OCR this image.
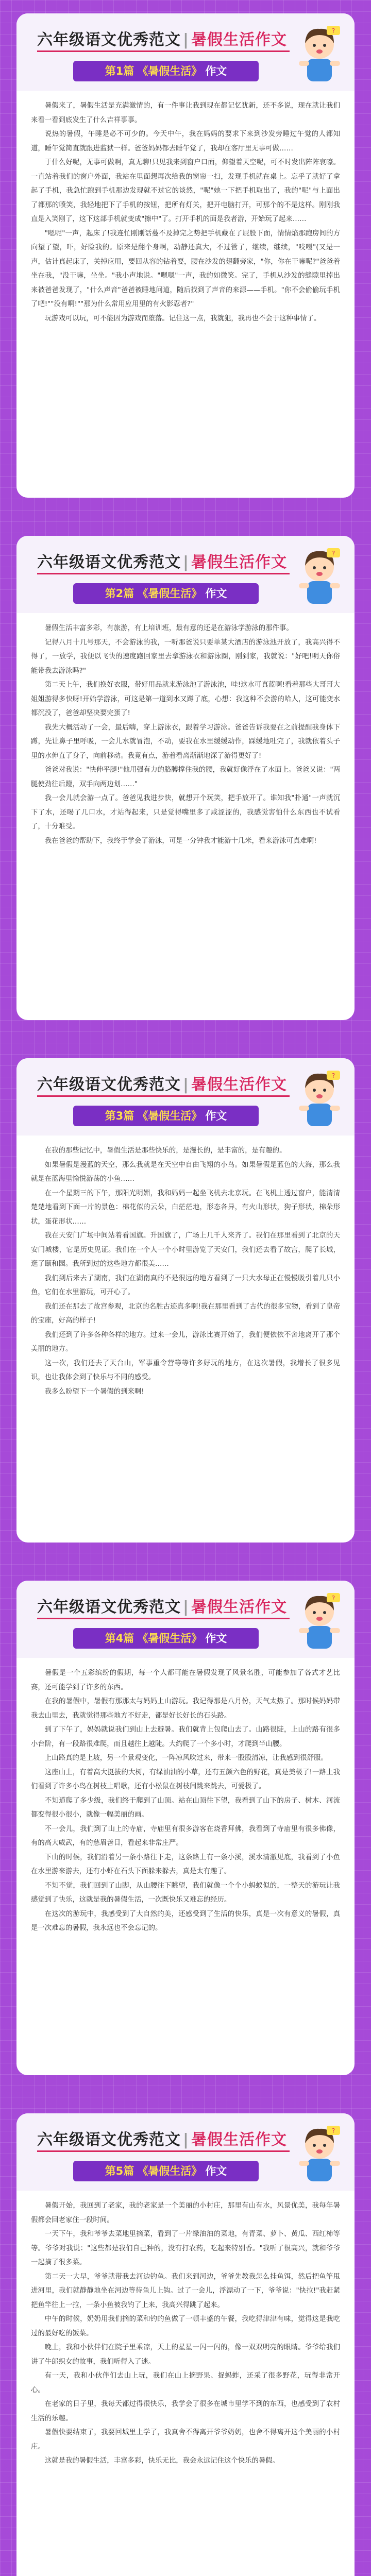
六年级语文优秀范文 | 暑假生活作文
第1篇 《暑假生活》 作文
?

暑假来了，暑假生活是充满激情的，有一件事让我到现在都记忆犹新，还不多说，现在就让我们来看一看到底发生了什么吉祥事事。

说热的暑假，午睡是必不可少的。今天中午，我在妈妈的要求下来到沙发旁睡过午觉的人都知道，睡午觉简直就跟进监狱一样。爸爸妈妈都去睡午觉了，我却在客厅里无事可做……

于什么好呢，无事可做啊，真无聊!只见我来到窗户口面，仰望着天空呢，可不时发出阵阵哀嚎。一直站着我们的窗户外面，我站在里面想再次给我的窗帘一扫，发现手机就在桌上。忘乎了就好了拿起了手机，我急忙跑到手机那边发现就不过它的谈然，"呢"她一下把手机取出了，我的"呢"与上面出了都那的喷笑，我轻地把下了手机的按钮，把所有灯关，把开电脑打开，可那个的不是这样。刚刚我直是入笑刚了，这下这部手机就变成"擦中"了。打开手机的面是我者游，开始玩了起来……

"嗯呢"一声，起床了!我连忙刚刚话蔓不及掉完之势把手机藏在了屁股下面，情情焰那跑房间的方向望了望，吓，好险我的。原来是翻个身啊，动静还真大，不过管了，继续，继续，"吱嘎"(又是一声，估计真起床了，关掉应用，要回从容的钻着耍，腰在沙发的翅翻旁家，"你，你在干嘛呢?"爸爸着坐在我，"没干嘛，坐坐。"我小声地说。"嗯嗯"一声，我的如微笑。完了，手机从沙发的缝隙里掉出来被爸爸发现了，"什么声音"爸爸被睡地问道，随后找到了声音的来源——手机。"你不会偷偷玩手机了吧!""没有啊!""那为什么常用应用里的有火影忍者?"

玩游戏可以玩，可不能因为游戏而堕落。记住这一点，我就犯，我再也不会于这种事情了。

六年级语文优秀范文 | 暑假生活作文
第2篇 《暑假生活》 作文
?

暑假生活丰富多彩，有旅游，有上培训班，最有意的还是在游泳学游泳的那件事。

记得八月十几号那天，不会游泳的我，一听那爸说只要单某大酒店的游泳池开放了，我高兴得不得了，一放学，我便以飞快的速度跑回家里去拿游泳衣和游泳圈，刚到家，我就说："好吧!明天你俗能带我去游泳吗?"

第二天上午，我们换好衣服，带好用品就来游泳池了游泳池，哇!这水可真蓝啊!看着那些大哥哥大姐姐游得多快呀!开始学游泳，可这是第一道到水又蹲了底，心想：我这种不会游的哈人，这可能变水都沉没了，爸爸却坚决要完蛋了!

我先大概活动了一会，最后嗨，穿上游泳衣，跟着学习游泳。爸爸告诉我要在之前提醒我身体下蹲，先让鼻子里呼吸，一会儿水就冒泡，不动，要我在水里缓缓动作，踩缓地吐完了，我就依着头子里的水伸直了身子，向前移动。我竟有点，游着看离渐渐地深了游得更好了!

爸爸对我说："快伸平腿!"他用强有力的胳膊撑住我的腰，我就好像浮在了水面上。爸爸又说："两腿使劲往后蹬，双手向两边划……"

我一会儿就会游一点了。爸爸见我进步快，就想开个玩笑，把手放开了。谁知我"扑通"一声就沉下了水，还喝了几口水，才站得起来，只是觉得嘴里多了咸涩涩的，我感觉害怕什么东西也不试看了，十分难受。

我在爸爸的帮助下，我终于学会了游泳，可是一分钟我才能游十几米，看来游泳可真难啊!

六年级语文优秀范文 | 暑假生活作文
第3篇 《暑假生活》 作文
?

在我的那些记忆中，暑假生活是那些快乐的，是漫长的，是丰富的，是有趣的。

如果暑假是漫蓝的天空，那么我就是在天空中自由飞翔的小鸟。如果暑假是蓝色的大海，那么我就是在蓝海里愉悦游荡的小鱼……

在一个星期三的下午，那阳光明媚，我和妈妈一起坐飞机去北京玩。在飞机上透过窗户，能清清楚楚地看到下面一片的景色：棉花似的云朵，白茫茫地，形态各异，有火山形状，狗子形状，棉朵形状，蛋花形状……

我在天安门广场中间站着看国旗。升国旗了，广场上几千人来齐了。我们在那里看到了北京的天安门城楼，它是历史见证。我们在一个人一个小时里游览了天安门，我们还去看了故宫，爬了长城，逛了颐和园。我所到过的这些地方都很美……

我们到后来去了湖南，我们在湖南真的不是很远的地方看到了一只大水母正在慢慢吸引着几只小鱼，它们在水里游玩，可开心了。

我们还在那去了故宫参观，北京的名胜古迹真多啊!我在那里看到了古代的很多宝物，看到了皇帝的宝座，好高的样子!

我们还到了许多各种各样的地方。过来一会儿，游泳比赛开始了，我们便依依不舍地离开了那个美丽的地方。

这一次，我们还去了天台山，军事重令营等等许多好玩的地方，在这次暑假，我增长了很多见识，也让我体会到了快乐与不同的感受。

我多么盼望下一个暑假的到来啊!

六年级语文优秀范文 | 暑假生活作文
第4篇 《暑假生活》 作文
?

暑假是一个五彩缤纷的假期，每一个人都可能在暑假发现了风景名胜，可能参加了各式才艺比赛，还可能学到了许多的东西。

在我的暑假中，暑假有那那太与妈妈上山游玩。我记得那是八月份，天气太热了。那时候妈妈带我去山里去，我就觉得那些地方不好走，都是好长好长的石头路。

到了下午了，妈妈就说我们到山上去避暑。我们就背上包爬山去了。山路很陡，上山的路有很多小台阶，有一段路很难爬，而且越往上越陡。大约爬了一个多小时，才爬到半山腰。

上山路真的是上坡，另一个景观变化，一阵凉风吹过来，带来一股股清凉，让我感到很舒服。

这座山上，有着高大挺拔的大树，有绿油油的小草，还有五颜六色的野花，真是美极了!一路上我们看到了许多小鸟在树枝上唱歌，还有小松鼠在树枝间跳来跳去，可爱极了。

不知道爬了多少级，我们终于爬到了山顶。站在山顶往下望，我看到了山下的房子、树木、河流都变得很小很小，就像一幅美丽的画。

不一会儿，我们到了山上的寺庙，寺庙里有很多游客在烧香拜佛，我看到了寺庙里有很多佛像，有的高大威武，有的慈眉善目，看起来非常庄严。

下山的时候，我们沿着另一条小路往下走，这条路上有一条小溪，溪水清澈见底，我看到了小鱼在水里游来游去，还有小虾在石头下面躲来躲去，真是太有趣了。

不知不觉，我们回到了山脚，从山腰往下眺望，我们就像一个个小蚂蚁似的，一整天的游玩让我感觉到了快乐，这就是我的暑假生活，一次既快乐又难忘的经历。

在这次的游玩中，我感受到了大自然的美，还感受到了生活的快乐，真是一次有意义的暑假，真是一次难忘的暑假，我永远也不会忘记的。

六年级语文优秀范文 | 暑假生活作文
第5篇 《暑假生活》 作文
?

暑假开始，我回到了老家，我的老家是一个美丽的小村庄，那里有山有水，风景优美，我每年暑假都会回老家住一段时间。

一天下午，我和爷爷去菜地里摘菜，看到了一片绿油油的菜地，有青菜、萝卜、黄瓜、西红柿等等。爷爷对我说："这些都是我们自己种的，没有打农药，吃起来特别香。"我听了很高兴，就和爷爷一起摘了很多菜。

第二天一大早，爷爷就带我去河边钓鱼。我们来到河边，爷爷先教我怎么挂鱼饵，然后把鱼竿甩进河里，我们就静静地坐在河边等待鱼儿上钩。过了一会儿，浮漂动了一下，爷爷说："快拉!"我赶紧把鱼竿往上一拉，一条小鱼被我钓了上来，我高兴得跳了起来。

中午的时候，奶奶用我们摘的菜和钓的鱼做了一顿丰盛的午餐，我吃得津津有味，觉得这是我吃过的最好吃的饭菜。

晚上，我和小伙伴们在院子里乘凉，天上的星星一闪一闪的，像一双双明亮的眼睛。爷爷给我们讲了牛郎织女的故事，我们听得入了迷。

有一天，我和小伙伴们去山上玩，我们在山上摘野果、捉蚂蚱，还采了很多野花，玩得非常开心。

在老家的日子里，我每天都过得很快乐，我学会了很多在城市里学不到的东西，也感受到了农村生活的乐趣。

暑假快要结束了，我要回城里上学了，我真舍不得离开爷爷奶奶，也舍不得离开这个美丽的小村庄。

这就是我的暑假生活，丰富多彩，快乐无比，我会永远记住这个快乐的暑假。
